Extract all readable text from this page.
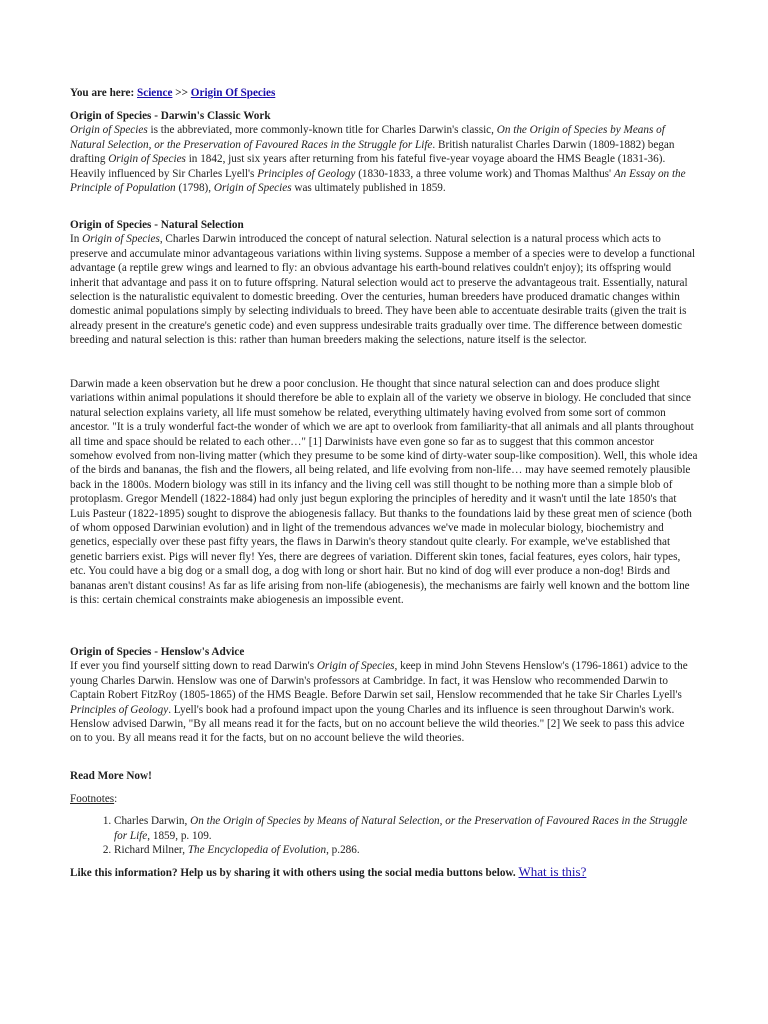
You are here: Science >> Origin Of Species

Origin of Species - Darwin's Classic Work

Origin of Species is the abbreviated, more commonly-known title for Charles Darwin's classic, On the Origin of Species by Means of Natural Selection, or the Preservation of Favoured Races in the Struggle for Life. British naturalist Charles Darwin (1809-1882) began drafting Origin of Species in 1842, just six years after returning from his fateful five-year voyage aboard the HMS Beagle (1831-36). Heavily influenced by Sir Charles Lyell's Principles of Geology (1830-1833, a three volume work) and Thomas Malthus' An Essay on the Principle of Population (1798), Origin of Species was ultimately published in 1859.

Origin of Species - Natural Selection

In Origin of Species, Charles Darwin introduced the concept of natural selection. Natural selection is a natural process which acts to preserve and accumulate minor advantageous variations within living systems. Suppose a member of a species were to develop a functional advantage (a reptile grew wings and learned to fly: an obvious advantage his earth-bound relatives couldn't enjoy); its offspring would inherit that advantage and pass it on to future offspring. Natural selection would act to preserve the advantageous trait. Essentially, natural selection is the naturalistic equivalent to domestic breeding. Over the centuries, human breeders have produced dramatic changes within domestic animal populations simply by selecting individuals to breed. They have been able to accentuate desirable traits (given the trait is already present in the creature's genetic code) and even suppress undesirable traits gradually over time. The difference between domestic breeding and natural selection is this: rather than human breeders making the selections, nature itself is the selector.

Darwin made a keen observation but he drew a poor conclusion. He thought that since natural selection can and does produce slight variations within animal populations it should therefore be able to explain all of the variety we observe in biology. He concluded that since natural selection explains variety, all life must somehow be related, everything ultimately having evolved from some sort of common ancestor. "It is a truly wonderful fact-the wonder of which we are apt to overlook from familiarity-that all animals and all plants throughout all time and space should be related to each other…" [1] Darwinists have even gone so far as to suggest that this common ancestor somehow evolved from non-living matter (which they presume to be some kind of dirty-water soup-like composition). Well, this whole idea of the birds and bananas, the fish and the flowers, all being related, and life evolving from non-life… may have seemed remotely plausible back in the 1800s. Modern biology was still in its infancy and the living cell was still thought to be nothing more than a simple blob of protoplasm. Gregor Mendell (1822-1884) had only just begun exploring the principles of heredity and it wasn't until the late 1850's that Luis Pasteur (1822-1895) sought to disprove the abiogenesis fallacy. But thanks to the foundations laid by these great men of science (both of whom opposed Darwinian evolution) and in light of the tremendous advances we've made in molecular biology, biochemistry and genetics, especially over these past fifty years, the flaws in Darwin's theory standout quite clearly. For example, we've established that genetic barriers exist. Pigs will never fly! Yes, there are degrees of variation. Different skin tones, facial features, eyes colors, hair types, etc. You could have a big dog or a small dog, a dog with long or short hair. But no kind of dog will ever produce a non-dog! Birds and bananas aren't distant cousins! As far as life arising from non-life (abiogenesis), the mechanisms are fairly well known and the bottom line is this: certain chemical constraints make abiogenesis an impossible event.

Origin of Species - Henslow's Advice

If ever you find yourself sitting down to read Darwin's Origin of Species, keep in mind John Stevens Henslow's (1796-1861) advice to the young Charles Darwin. Henslow was one of Darwin's professors at Cambridge. In fact, it was Henslow who recommended Darwin to Captain Robert FitzRoy (1805-1865) of the HMS Beagle. Before Darwin set sail, Henslow recommended that he take Sir Charles Lyell's Principles of Geology. Lyell's book had a profound impact upon the young Charles and its influence is seen throughout Darwin's work. Henslow advised Darwin, "By all means read it for the facts, but on no account believe the wild theories." [2] We seek to pass this advice on to you. By all means read it for the facts, but on no account believe the wild theories.

Read More Now!

Footnotes:

1. Charles Darwin, On the Origin of Species by Means of Natural Selection, or the Preservation of Favoured Races in the Struggle for Life, 1859, p. 109.
2. Richard Milner, The Encyclopedia of Evolution, p.286.

Like this information? Help us by sharing it with others using the social media buttons below. What is this?
